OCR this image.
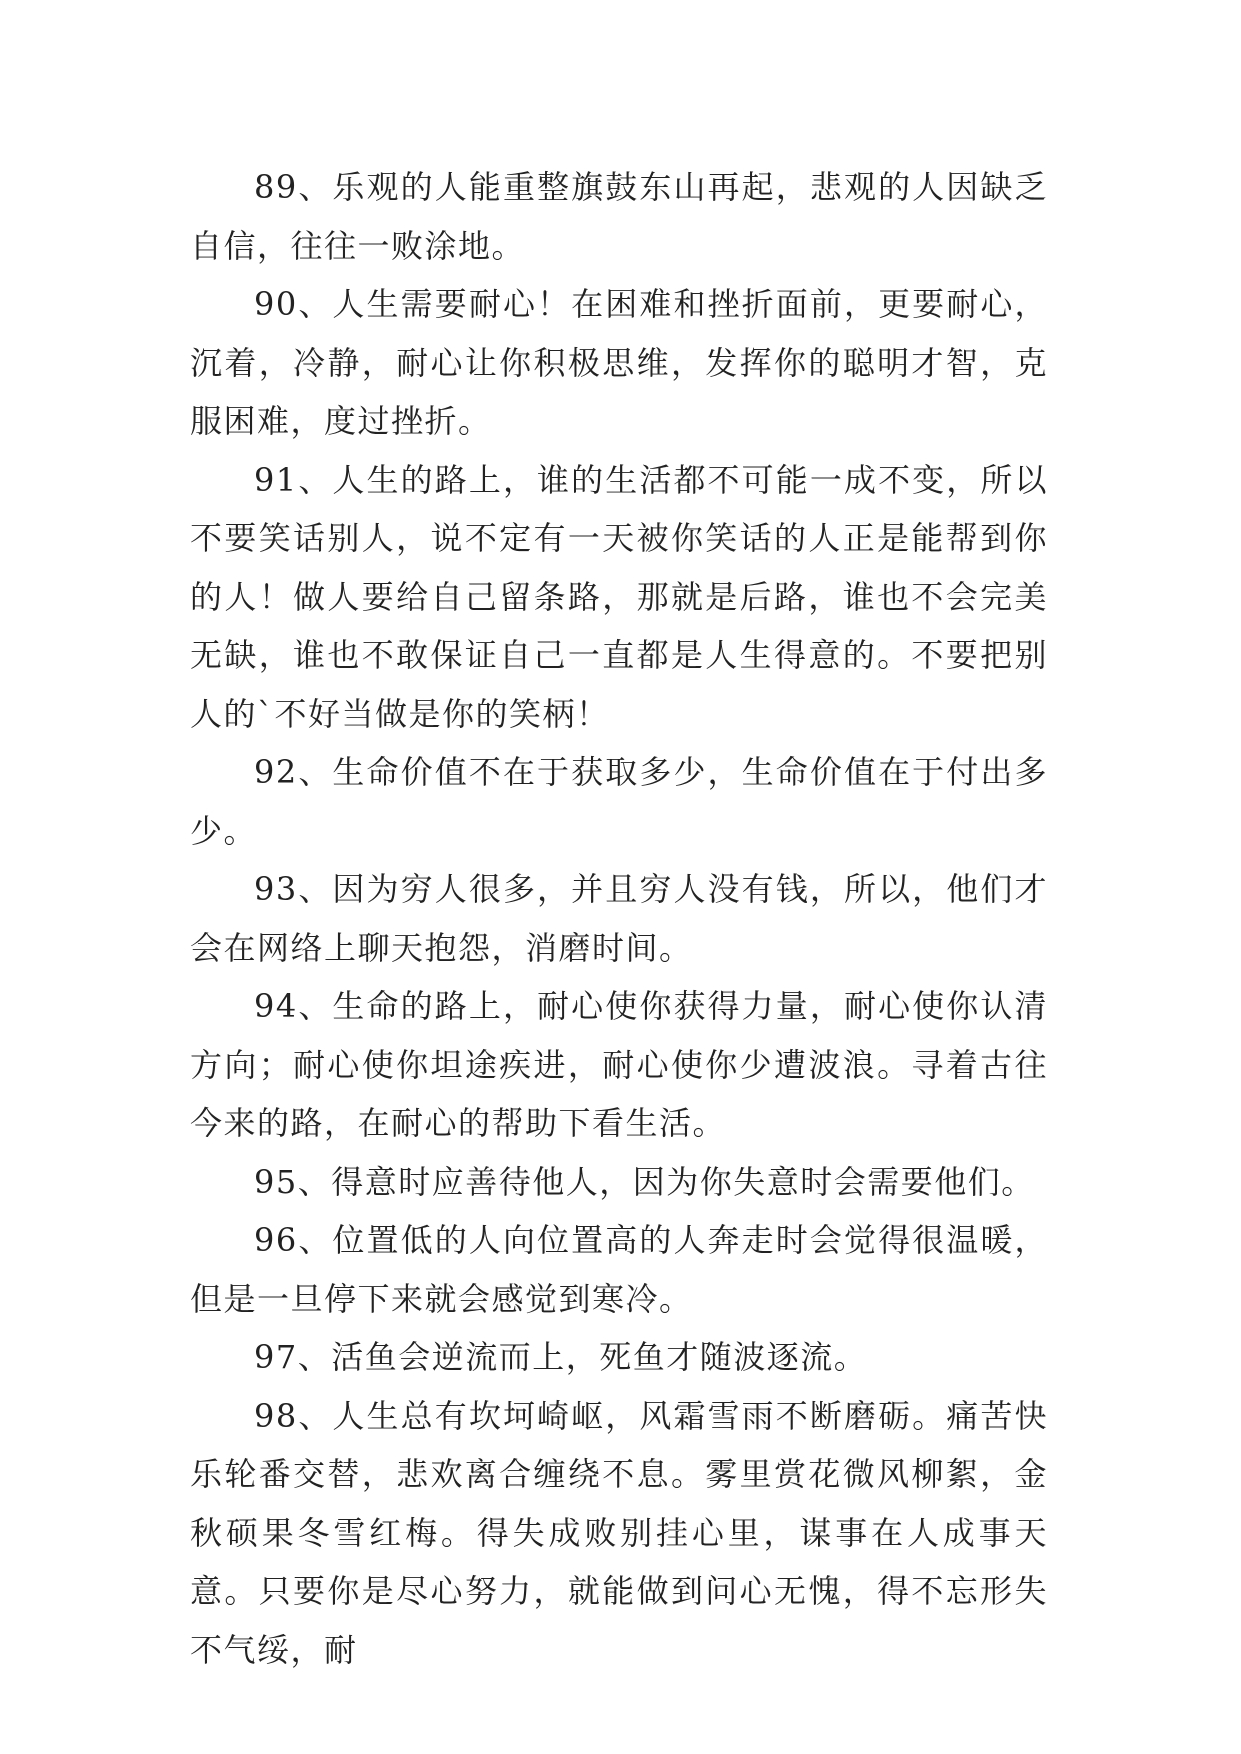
89、乐观的人能重整旗鼓东山再起，悲观的人因缺乏自信，往往一败涂地。

90、人生需要耐心！在困难和挫折面前，更要耐心，沉着，冷静，耐心让你积极思维，发挥你的聪明才智，克服困难，度过挫折。

91、人生的路上，谁的生活都不可能一成不变，所以不要笑话别人，说不定有一天被你笑话的人正是能帮到你的人！做人要给自己留条路，那就是后路，谁也不会完美无缺，谁也不敢保证自己一直都是人生得意的。不要把别人的`不好当做是你的笑柄！

92、生命价值不在于获取多少，生命价值在于付出多少。

93、因为穷人很多，并且穷人没有钱，所以，他们才会在网络上聊天抱怨，消磨时间。

94、生命的路上，耐心使你获得力量，耐心使你认清方向；耐心使你坦途疾进，耐心使你少遭波浪。寻着古往今来的路，在耐心的帮助下看生活。

95、得意时应善待他人，因为你失意时会需要他们。

96、位置低的人向位置高的人奔走时会觉得很温暖，但是一旦停下来就会感觉到寒冷。

97、活鱼会逆流而上，死鱼才随波逐流。

98、人生总有坎坷崎岖，风霜雪雨不断磨砺。痛苦快乐轮番交替，悲欢离合缠绕不息。雾里赏花微风柳絮，金秋硕果冬雪红梅。得失成败别挂心里，谋事在人成事天意。只要你是尽心努力，就能做到问心无愧，得不忘形失不气绥，耐
